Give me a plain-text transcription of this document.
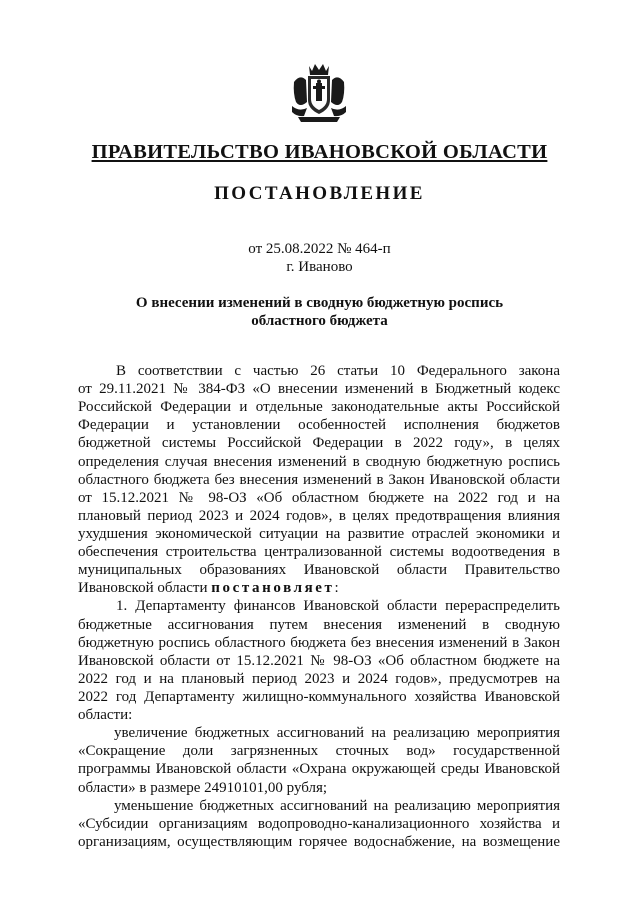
ПРАВИТЕЛЬСТВО ИВАНОВСКОЙ ОБЛАСТИ
ПОСТАНОВЛЕНИЕ
от 25.08.2022 № 464-п
г. Иваново
О внесении изменений в сводную бюджетную роспись
областного бюджета
В соответствии с частью 26 статьи 10 Федерального закона
от 29.11.2021 № 384-ФЗ «О внесении изменений в Бюджетный кодекс
Российской Федерации и отдельные законодательные акты Российской
Федерации и установлении особенностей исполнения бюджетов
бюджетной системы Российской Федерации в 2022 году», в целях
определения случая внесения изменений в сводную бюджетную роспись
областного бюджета без внесения изменений в Закон Ивановской области
от 15.12.2021 № 98-ОЗ «Об областном бюджете на 2022 год и на
плановый период 2023 и 2024 годов», в целях предотвращения влияния
ухудшения экономической ситуации на развитие отраслей экономики и
обеспечения строительства централизованной системы водоотведения в
муниципальных образованиях Ивановской области Правительство
Ивановской области постановляет:
1. Департаменту финансов Ивановской области перераспределить
бюджетные ассигнования путем внесения изменений в сводную
бюджетную роспись областного бюджета без внесения изменений в Закон
Ивановской области от 15.12.2021 № 98-ОЗ «Об областном бюджете на
2022 год и на плановый период 2023 и 2024 годов», предусмотрев на
2022 год Департаменту жилищно-коммунального хозяйства Ивановской
области:
увеличение бюджетных ассигнований на реализацию мероприятия
«Сокращение доли загрязненных сточных вод» государственной
программы Ивановской области «Охрана окружающей среды Ивановской
области» в размере 24910101,00 рубля;
уменьшение бюджетных ассигнований на реализацию мероприятия
«Субсидии организациям водопроводно-канализационного хозяйства и
организациям, осуществляющим горячее водоснабжение, на возмещение
